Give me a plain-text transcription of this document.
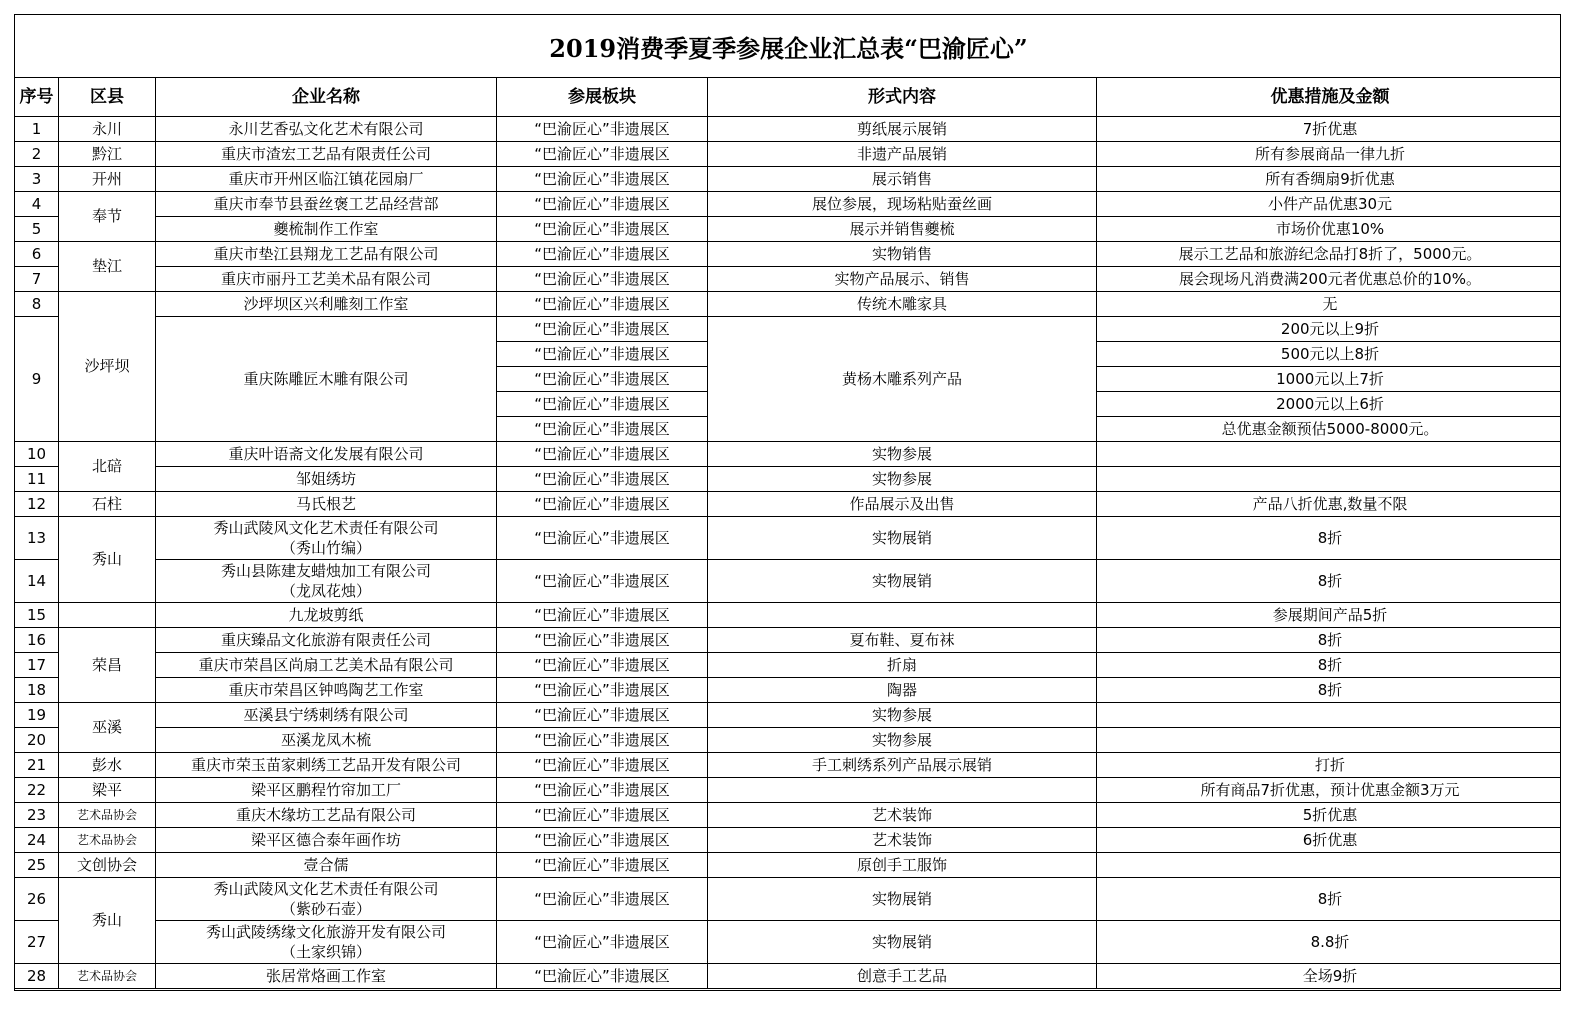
2019消费季夏季参展企业汇总表“巴渝匠心”
序号	区县	企业名称	参展板块	形式内容	优惠措施及金额
1	永川	永川艺香弘文化艺术有限公司	“巴渝匠心”非遗展区	剪纸展示展销	7折优惠
2	黔江	重庆市渣宏工艺品有限责任公司	“巴渝匠心”非遗展区	非遗产品展销	所有参展商品一律九折
3	开州	重庆市开州区临江镇花园扇厂	“巴渝匠心”非遗展区	展示销售	所有香绸扇9折优惠
4	奉节	重庆市奉节县蚕丝褒工艺品经营部	“巴渝匠心”非遗展区	展位参展，现场粘贴蚕丝画	小件产品优惠30元
5		夔梳制作工作室	“巴渝匠心”非遗展区	展示并销售夔梳	市场价优惠10%
6	垫江	重庆市垫江县翔龙工艺品有限公司	“巴渝匠心”非遗展区	实物销售	展示工艺品和旅游纪念品打8折了，5000元。
7		重庆市丽丹工艺美术品有限公司	“巴渝匠心”非遗展区	实物产品展示、销售	展会现场凡消费满200元者优惠总价的10%。
8	沙坪坝	沙坪坝区兴利雕刻工作室	“巴渝匠心”非遗展区	传统木雕家具	无
9		重庆陈雕匠木雕有限公司	“巴渝匠心”非遗展区	黄杨木雕系列产品	200元以上9折
			“巴渝匠心”非遗展区		500元以上8折
			“巴渝匠心”非遗展区		1000元以上7折
			“巴渝匠心”非遗展区		2000元以上6折
			“巴渝匠心”非遗展区		总优惠金额预估5000-8000元。
10	北碚	重庆叶语斋文化发展有限公司	“巴渝匠心”非遗展区	实物参展	
11		邹姐绣坊	“巴渝匠心”非遗展区	实物参展	
12	石柱	马氏根艺	“巴渝匠心”非遗展区	作品展示及出售	产品八折优惠,数量不限
13	秀山	秀山武陵风文化艺术责任有限公司
（秀山竹编）	“巴渝匠心”非遗展区	实物展销	8折
14		秀山县陈建友蜡烛加工有限公司
（龙凤花烛）	“巴渝匠心”非遗展区	实物展销	8折
15		九龙坡剪纸	“巴渝匠心”非遗展区		参展期间产品5折
16	荣昌	重庆臻品文化旅游有限责任公司	“巴渝匠心”非遗展区	夏布鞋、夏布袜	8折
17		重庆市荣昌区尚扇工艺美术品有限公司	“巴渝匠心”非遗展区	折扇	8折
18		重庆市荣昌区钟鸣陶艺工作室	“巴渝匠心”非遗展区	陶器	8折
19	巫溪	巫溪县宁绣刺绣有限公司	“巴渝匠心”非遗展区	实物参展	
20		巫溪龙凤木梳	“巴渝匠心”非遗展区	实物参展	
21	彭水	重庆市荣玉苗家刺绣工艺品开发有限公司	“巴渝匠心”非遗展区	手工刺绣系列产品展示展销	打折
22	梁平	梁平区鹏程竹帘加工厂	“巴渝匠心”非遗展区		所有商品7折优惠，预计优惠金额3万元
23	艺术品协会	重庆木缘坊工艺品有限公司	“巴渝匠心”非遗展区	艺术装饰	5折优惠
24	艺术品协会	梁平区德合泰年画作坊	“巴渝匠心”非遗展区	艺术装饰	6折优惠
25	文创协会	壹合儒	“巴渝匠心”非遗展区	原创手工服饰	
26	秀山	秀山武陵风文化艺术责任有限公司
（紫砂石壶）	“巴渝匠心”非遗展区	实物展销	8折
27		秀山武陵绣缘文化旅游开发有限公司
（土家织锦）	“巴渝匠心”非遗展区	实物展销	8.8折
28	艺术品协会	张居常烙画工作室	“巴渝匠心”非遗展区	创意手工艺品	全场9折
